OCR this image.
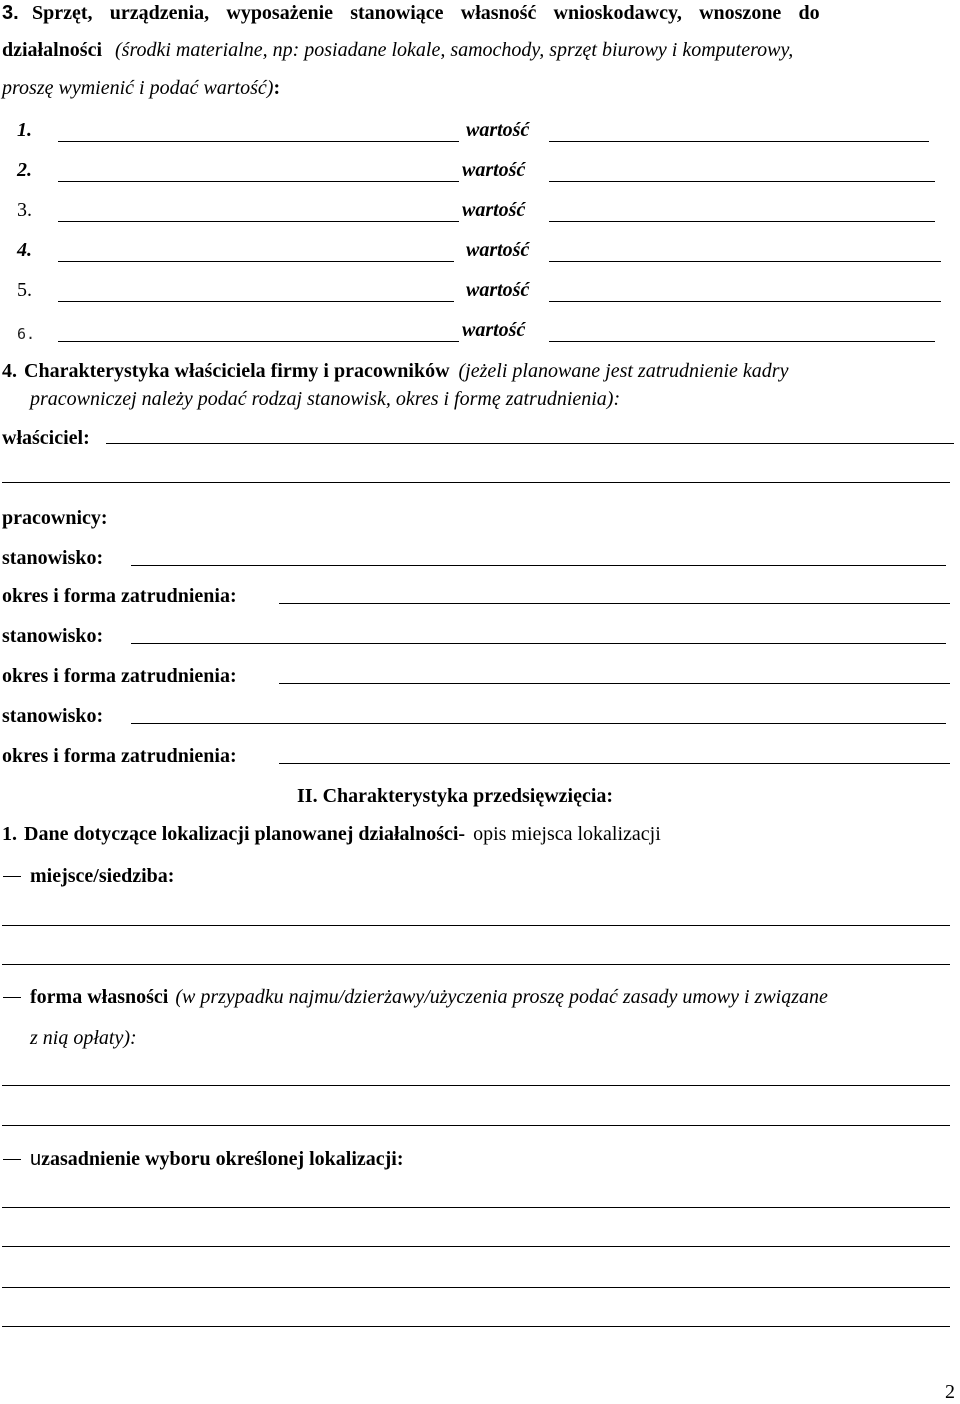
3. Sprzęt, urządzenia, wyposażenie stanowiące własność wnioskodawcy, wnoszone do
działalności (środki materialne, np: posiadane lokale, samochody, sprzęt biurowy i komputerowy,
proszę wymienić i podać wartość):
1.	wartość
2.	wartość
3.	wartość
4.	wartość
5.	wartość
6.	wartość
4. Charakterystyka właściciela firmy i pracowników (jeżeli planowane jest zatrudnienie kadry
pracowniczej należy podać rodzaj stanowisk, okres i formę zatrudnienia):
właściciel:
pracownicy:
stanowisko:
okres i forma zatrudnienia:
stanowisko:
okres i forma zatrudnienia:
stanowisko:
okres i forma zatrudnienia:
II. Charakterystyka przedsięwzięcia:
1. Dane dotyczące lokalizacji planowanej działalności- opis miejsca lokalizacji
miejsce/siedziba:
forma własności (w przypadku najmu/dzierżawy/użyczenia proszę podać zasady umowy i związane
z nią opłaty):
uzasadnienie wyboru określonej lokalizacji:
2
